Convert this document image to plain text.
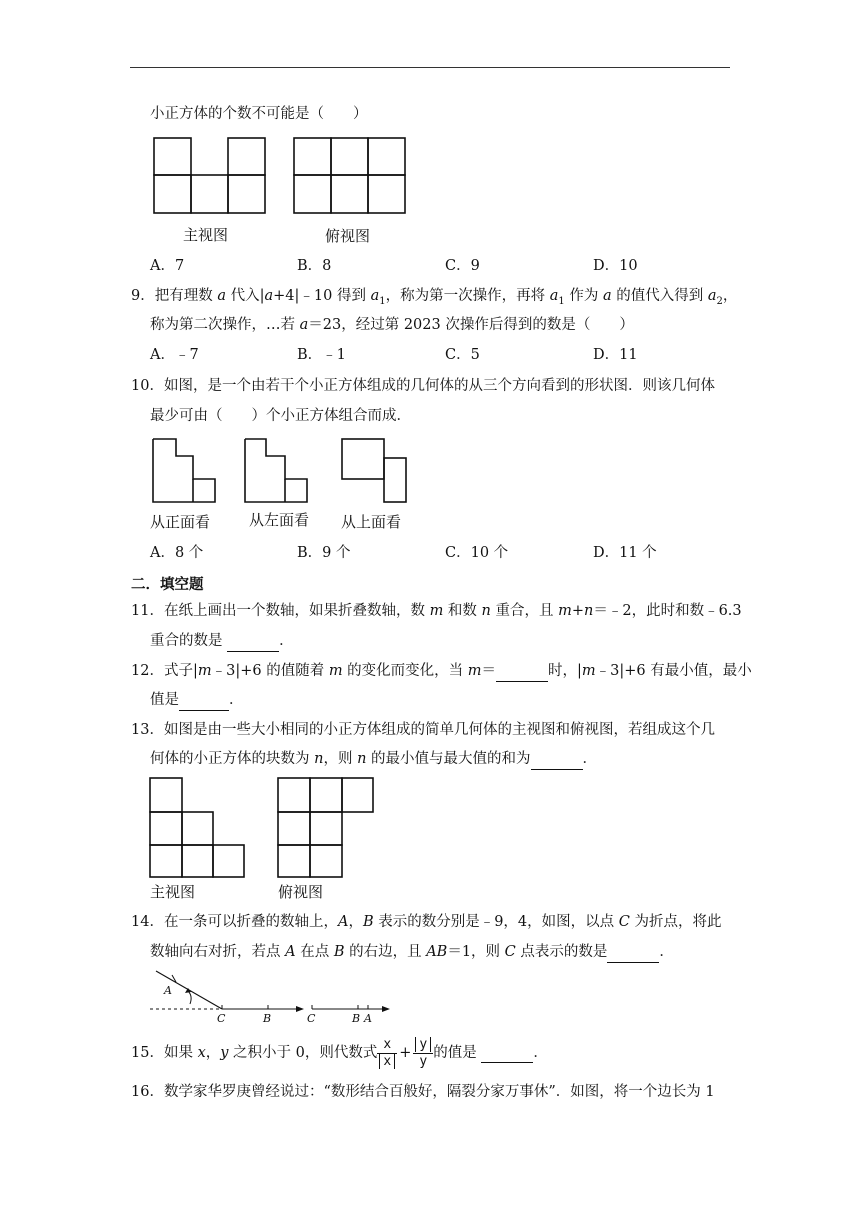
小正方体的个数不可能是（　　）
主视图	俯视图
A．7	B．8	C．9	D．10
9．把有理数 a 代入|a+4|﹣10 得到 $a_1$，称为第一次操作，再将 $a_1$ 作为 a 的值代入得到 $a_2$，
称为第二次操作，…若 a＝23，经过第 2023 次操作后得到的数是（　　）
A．﹣7	B．﹣1	C．5	D．11
10．如图，是一个由若干个小正方体组成的几何体的从三个方向看到的形状图．则该几何体
最少可由（　　）个小正方体组合而成．
从正面看	从左面看 从上面看
A．8 个	B．9 个	C．10 个	D．11 个
二．填空题
11．在纸上画出一个数轴，如果折叠数轴，数 m 和数 n 重合，且 m+n＝﹣2，此时和数﹣6.3
重合的数是	．
12．式子|m﹣3|+6 的值随着 m 的变化而变化，当 m＝	时，|m﹣3|+6 有最小值，最小
值是	．
13．如图是由一些大小相同的小正方体组成的简单几何体的主视图和俯视图，若组成这个几
何体的小正方体的块数为 n，则 n 的最小值与最大值的和为	．
主视图	俯视图
14．在一条可以折叠的数轴上，A，B 表示的数分别是﹣9，4，如图，以点 C 为折点，将此
数轴向右对折，若点 A 在点 B 的右边，且 AB＝1，则 C 点表示的数是	．
A
C	B	C	B A
15．如果 x，y 之积小于 0，则代数式 $\frac{x}{x} + \frac{y}{y}$ 的值是	．
16．数学家华罗庚曾经说过：“数形结合百般好，隔裂分家万事休”．如图，将一个边长为 1
